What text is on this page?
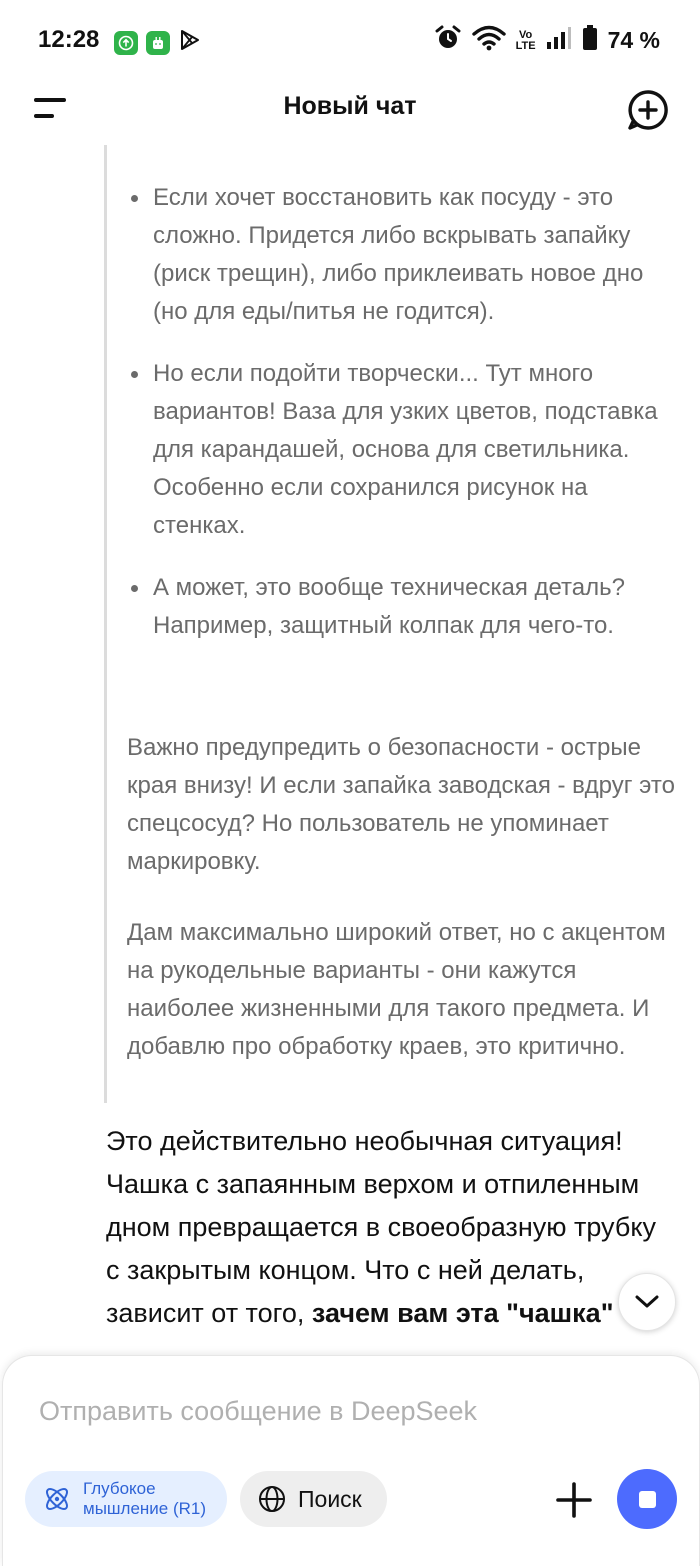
12:28	Vo
LTE	74 %
Новый чат
Если хочет восстановить как посуду - это сложно. Придется либо вскрывать запайку (риск трещин), либо приклеивать новое дно (но для еды/питья не годится).
Но если подойти творчески... Тут много вариантов! Ваза для узких цветов, подставка для карандашей, основа для светильника. Особенно если сохранился рисунок на стенках.
А может, это вообще техническая деталь? Например, защитный колпак для чего-то.
Важно предупредить о безопасности - острые края внизу! И если запайка заводская - вдруг это спецсосуд? Но пользователь не упоминает маркировку.
Дам максимально широкий ответ, но с акцентом на рукодельные варианты - они кажутся наиболее жизненными для такого предмета. И добавлю про обработку краев, это критично.
Это действительно необычная ситуация! Чашка с запаянным верхом и отпиленным дном превращается в своеобразную трубку с закрытым концом. Что с ней делать, зависит от того, зачем вам эта "чашка"
Отправить сообщение в DeepSeek
Глубокое мышление (R1)	Поиск
